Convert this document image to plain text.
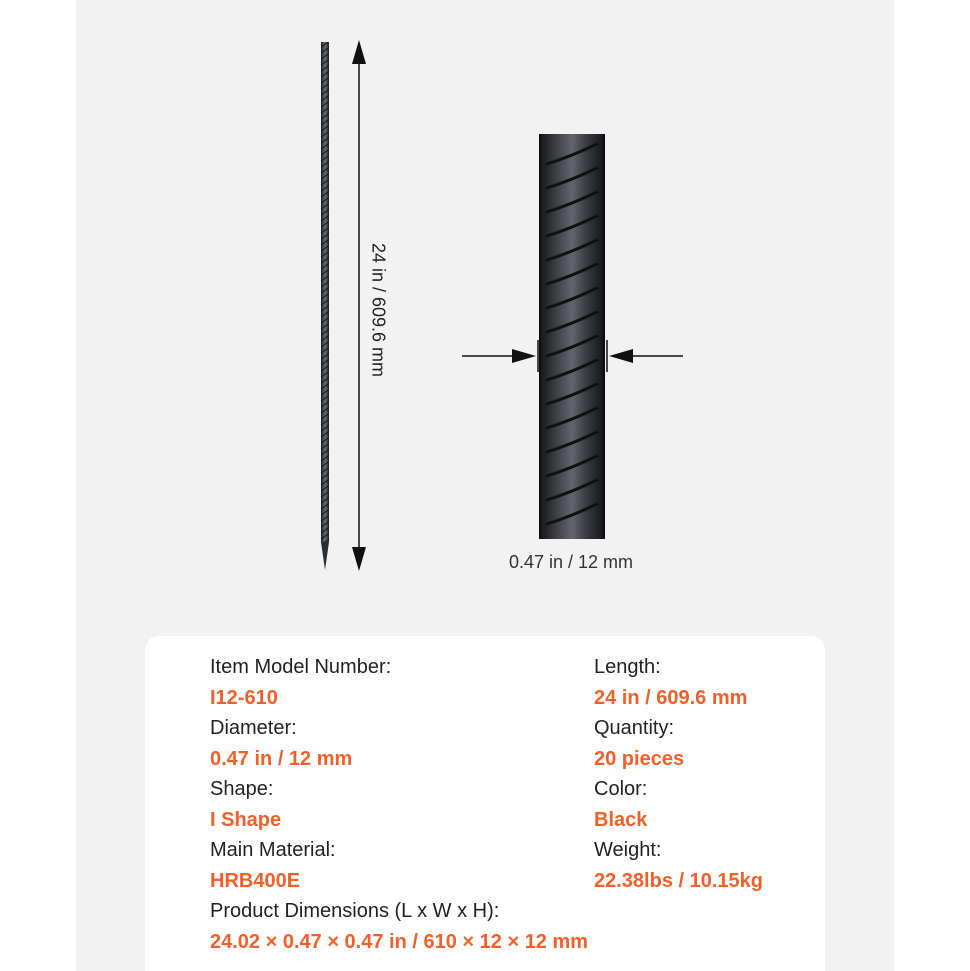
24 in / 609.6 mm
0.47 in / 12 mm
Item Model Number:
I12-610
Length:
24 in / 609.6 mm
Diameter:
0.47 in / 12 mm
Quantity:
20 pieces
Shape:
I Shape
Color:
Black
Main Material:
HRB400E
Weight:
22.38lbs / 10.15kg
Product Dimensions (L x W x H):
24.02 × 0.47 × 0.47 in / 610 × 12 × 12 mm
